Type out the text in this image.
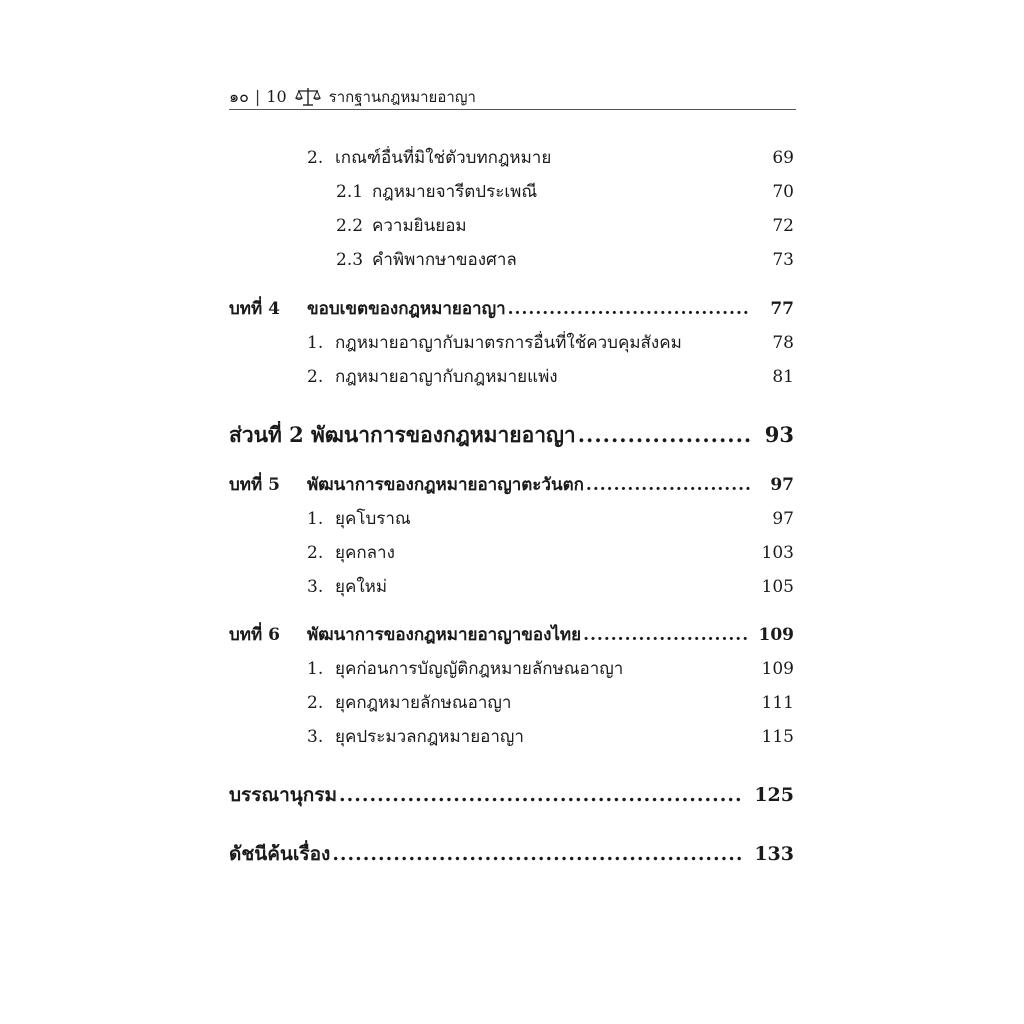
๑๐ | 10	รากฐานกฎหมายอาญา
2. เกณฑ์อื่นที่มิใช่ตัวบทกฎหมาย	69
2.1 กฎหมายจารีตประเพณี	70
2.2 ความยินยอม	72
2.3 คำพิพากษาของศาล	73
บทที่ 4	ขอบเขตของกฎหมายอาญา .....	77
1. กฎหมายอาญากับมาตรการอื่นที่ใช้ควบคุมสังคม	78
2. กฎหมายอาญากับกฎหมายแพ่ง	81
ส่วนที่ 2 พัฒนาการของกฎหมายอาญา .....	93
บทที่ 5	พัฒนาการของกฎหมายอาญาตะวันตก .....	97
1. ยุคโบราณ	97
2. ยุคกลาง	103
3. ยุคใหม่	105
บทที่ 6	พัฒนาการของกฎหมายอาญาของไทย .....	109
1. ยุคก่อนการบัญญัติกฎหมายลักษณอาญา	109
2. ยุคกฎหมายลักษณอาญา	111
3. ยุคประมวลกฎหมายอาญา	115
บรรณานุกรม .....	125
ดัชนีค้นเรื่อง .....	133
